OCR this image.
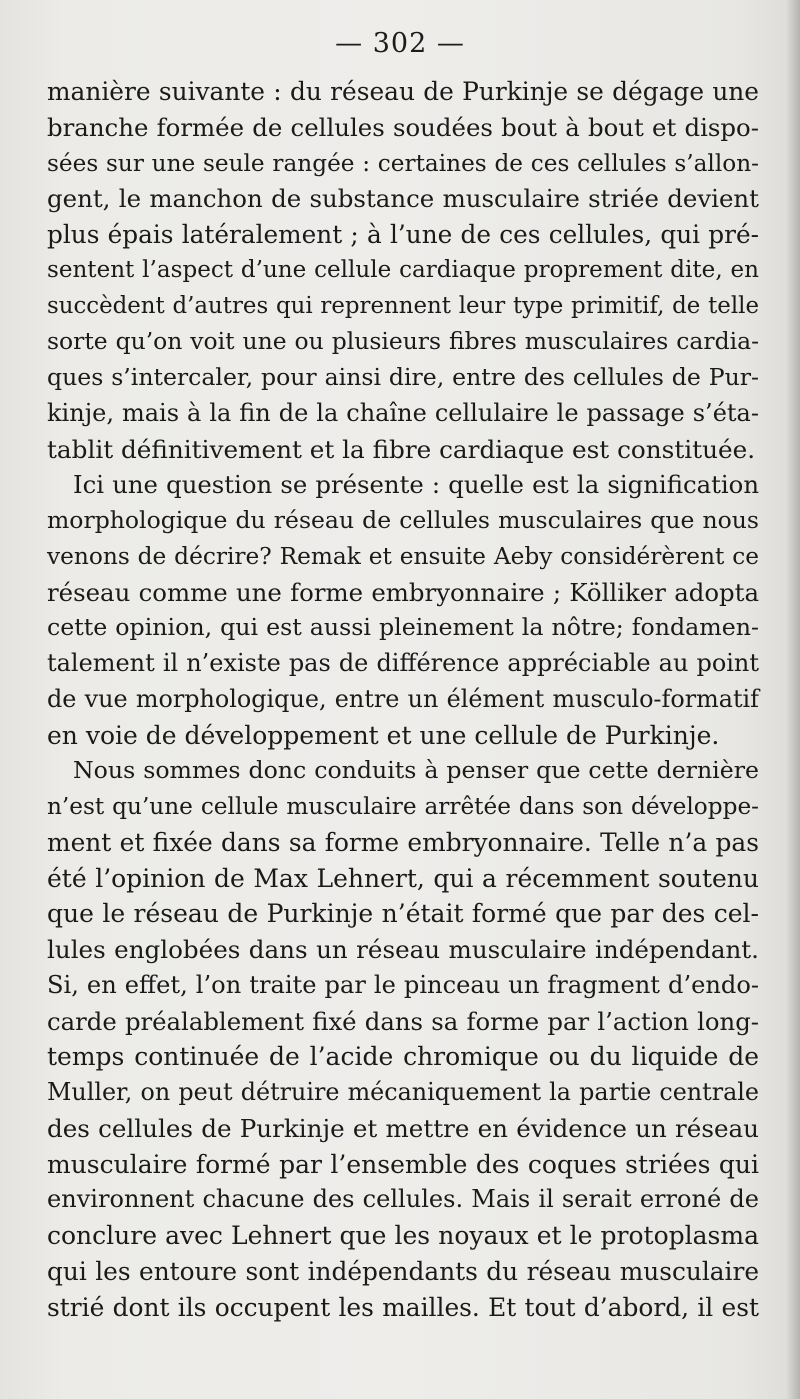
— 302 —
manière suivante : du réseau de Purkinje se dégage une
branche formée de cellules soudées bout à bout et dispo-
sées sur une seule rangée : certaines de ces cellules s’allon-
gent, le manchon de substance musculaire striée devient
plus épais latéralement ; à l’une de ces cellules, qui pré-
sentent l’aspect d’une cellule cardiaque proprement dite, en
succèdent d’autres qui reprennent leur type primitif, de telle
sorte qu’on voit une ou plusieurs fibres musculaires cardia-
ques s’intercaler, pour ainsi dire, entre des cellules de Pur-
kinje, mais à la fin de la chaîne cellulaire le passage s’éta-
tablit définitivement et la fibre cardiaque est constituée.
Ici une question se présente : quelle est la signification
morphologique du réseau de cellules musculaires que nous
venons de décrire? Remak et ensuite Aeby considérèrent ce
réseau comme une forme embryonnaire ; Kölliker adopta
cette opinion, qui est aussi pleinement la nôtre; fondamen-
talement il n’existe pas de différence appréciable au point
de vue morphologique, entre un élément musculo-formatif
en voie de développement et une cellule de Purkinje.
Nous sommes donc conduits à penser que cette dernière
n’est qu’une cellule musculaire arrêtée dans son développe-
ment et fixée dans sa forme embryonnaire. Telle n’a pas
été l’opinion de Max Lehnert, qui a récemment soutenu
que le réseau de Purkinje n’était formé que par des cel-
lules englobées dans un réseau musculaire indépendant.
Si, en effet, l’on traite par le pinceau un fragment d’endo-
carde préalablement fixé dans sa forme par l’action long-
temps continuée de l’acide chromique ou du liquide de
Muller, on peut détruire mécaniquement la partie centrale
des cellules de Purkinje et mettre en évidence un réseau
musculaire formé par l’ensemble des coques striées qui
environnent chacune des cellules. Mais il serait erroné de
conclure avec Lehnert que les noyaux et le protoplasma
qui les entoure sont indépendants du réseau musculaire
strié dont ils occupent les mailles. Et tout d’abord, il est
